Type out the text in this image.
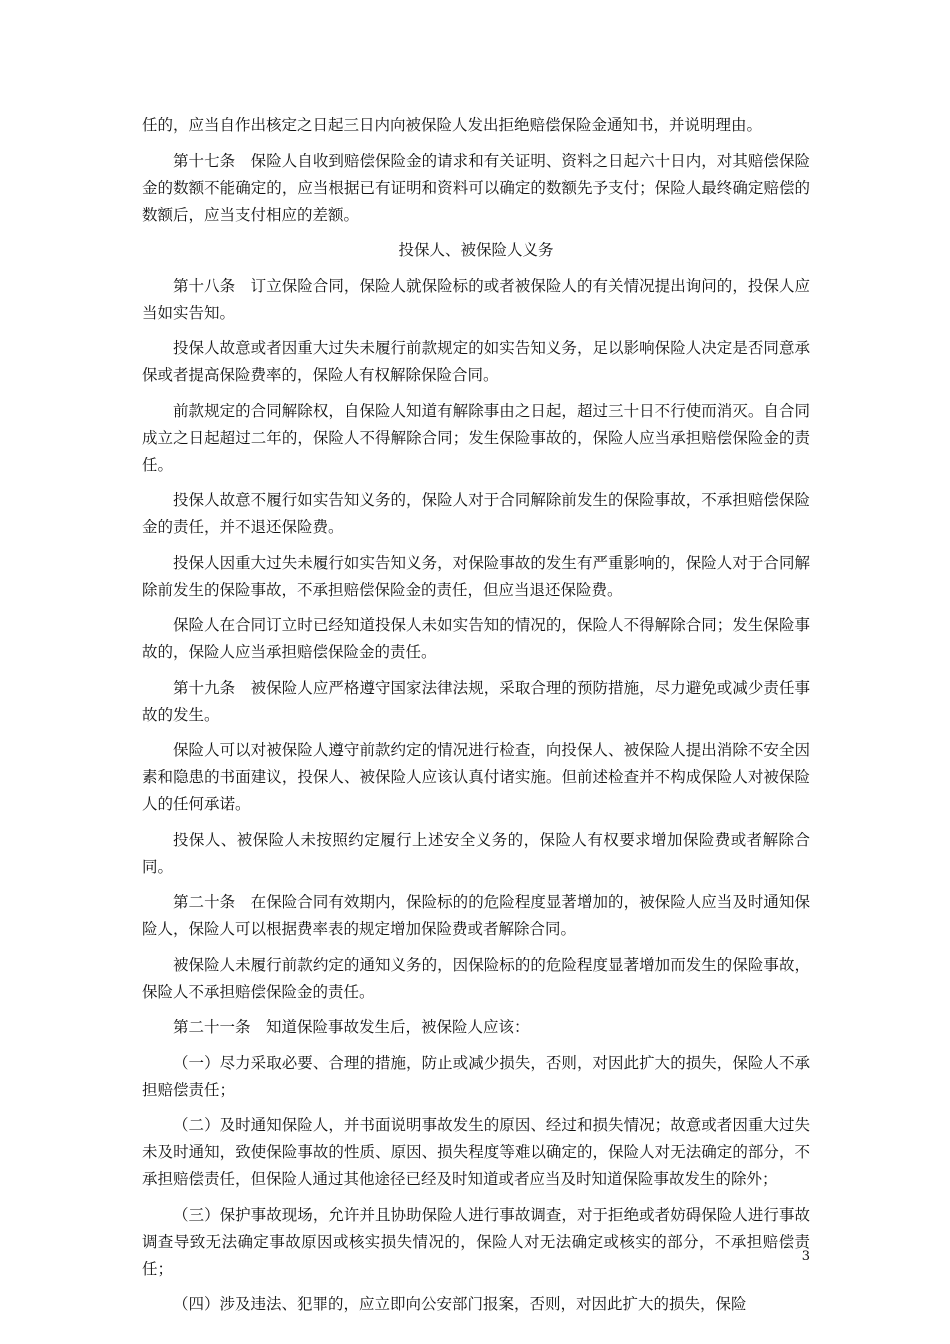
任的，应当自作出核定之日起三日内向被保险人发出拒绝赔偿保险金通知书，并说明理由。

第十七条　保险人自收到赔偿保险金的请求和有关证明、资料之日起六十日内，对其赔偿保险金的数额不能确定的，应当根据已有证明和资料可以确定的数额先予支付；保险人最终确定赔偿的数额后，应当支付相应的差额。

投保人、被保险人义务

第十八条　订立保险合同，保险人就保险标的或者被保险人的有关情况提出询问的，投保人应当如实告知。

投保人故意或者因重大过失未履行前款规定的如实告知义务，足以影响保险人决定是否同意承保或者提高保险费率的，保险人有权解除保险合同。

前款规定的合同解除权，自保险人知道有解除事由之日起，超过三十日不行使而消灭。自合同成立之日起超过二年的，保险人不得解除合同；发生保险事故的，保险人应当承担赔偿保险金的责任。

投保人故意不履行如实告知义务的，保险人对于合同解除前发生的保险事故，不承担赔偿保险金的责任，并不退还保险费。

投保人因重大过失未履行如实告知义务，对保险事故的发生有严重影响的，保险人对于合同解除前发生的保险事故，不承担赔偿保险金的责任，但应当退还保险费。

保险人在合同订立时已经知道投保人未如实告知的情况的，保险人不得解除合同；发生保险事故的，保险人应当承担赔偿保险金的责任。

第十九条　被保险人应严格遵守国家法律法规，采取合理的预防措施，尽力避免或减少责任事故的发生。

保险人可以对被保险人遵守前款约定的情况进行检查，向投保人、被保险人提出消除不安全因素和隐患的书面建议，投保人、被保险人应该认真付诸实施。但前述检查并不构成保险人对被保险人的任何承诺。

投保人、被保险人未按照约定履行上述安全义务的，保险人有权要求增加保险费或者解除合同。

第二十条　在保险合同有效期内，保险标的的危险程度显著增加的，被保险人应当及时通知保险人，保险人可以根据费率表的规定增加保险费或者解除合同。

被保险人未履行前款约定的通知义务的，因保险标的的危险程度显著增加而发生的保险事故，保险人不承担赔偿保险金的责任。

第二十一条　知道保险事故发生后，被保险人应该：

（一）尽力采取必要、合理的措施，防止或减少损失，否则，对因此扩大的损失，保险人不承担赔偿责任；

（二）及时通知保险人，并书面说明事故发生的原因、经过和损失情况；故意或者因重大过失未及时通知，致使保险事故的性质、原因、损失程度等难以确定的，保险人对无法确定的部分，不承担赔偿责任，但保险人通过其他途径已经及时知道或者应当及时知道保险事故发生的除外；

（三）保护事故现场，允许并且协助保险人进行事故调查，对于拒绝或者妨碍保险人进行事故调查导致无法确定事故原因或核实损失情况的，保险人对无法确定或核实的部分，不承担赔偿责任；

（四）涉及违法、犯罪的，应立即向公安部门报案，否则，对因此扩大的损失，保险

3
